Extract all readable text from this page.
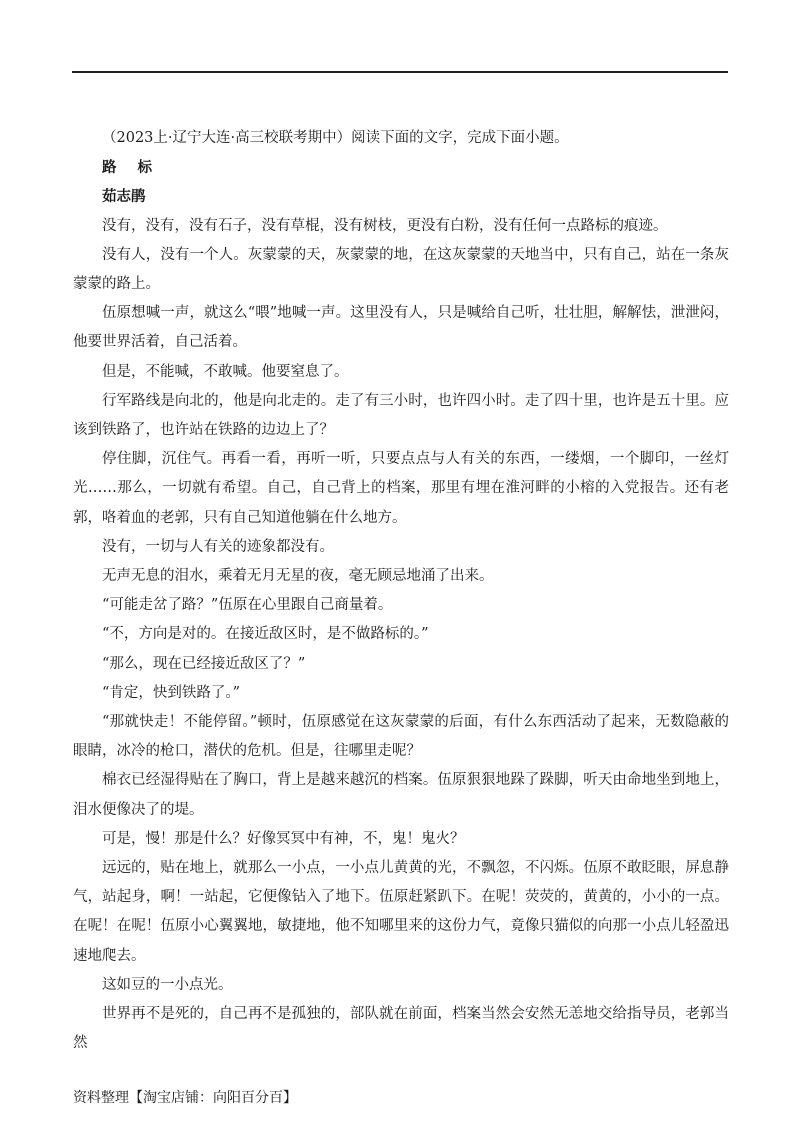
（2023上·辽宁大连·高三校联考期中）阅读下面的文字，完成下面小题。

路 标

茹志鹃

没有，没有，没有石子，没有草棍，没有树枝，更没有白粉，没有任何一点路标的痕迹。

没有人，没有一个人。灰蒙蒙的天，灰蒙蒙的地，在这灰蒙蒙的天地当中，只有自己，站在一条灰蒙蒙的路上。

伍原想喊一声，就这么“喂”地喊一声。这里没有人，只是喊给自己听，壮壮胆，解解怯，泄泄闷，他要世界活着，自己活着。

但是，不能喊，不敢喊。他要窒息了。

行军路线是向北的，他是向北走的。走了有三小时，也许四小时。走了四十里，也许是五十里。应该到铁路了，也许站在铁路的边边上了？

停住脚，沉住气。再看一看，再听一听，只要点点与人有关的东西，一缕烟，一个脚印，一丝灯光……那么，一切就有希望。自己，自己背上的档案，那里有埋在淮河畔的小榕的入党报告。还有老郭，咯着血的老郭，只有自己知道他躺在什么地方。

没有，一切与人有关的迹象都没有。

无声无息的泪水，乘着无月无星的夜，毫无顾忌地涌了出来。

“可能走岔了路？”伍原在心里跟自己商量着。

“不，方向是对的。在接近敌区时，是不做路标的。”

“那么，现在已经接近敌区了？”

“肯定，快到铁路了。”

“那就快走！不能停留。”顿时，伍原感觉在这灰蒙蒙的后面，有什么东西活动了起来，无数隐蔽的眼睛，冰冷的枪口，潜伏的危机。但是，往哪里走呢？

棉衣已经湿得贴在了胸口，背上是越来越沉的档案。伍原狠狠地跺了跺脚，听天由命地坐到地上，泪水便像决了的堤。

可是，慢！那是什么？好像冥冥中有神，不，鬼！鬼火？

远远的，贴在地上，就那么一小点，一小点儿黄黄的光，不飘忽，不闪烁。伍原不敢眨眼，屏息静气，站起身，啊！一站起，它便像钻入了地下。伍原赶紧趴下。在呢！荧荧的，黄黄的，小小的一点。在呢！在呢！伍原小心翼翼地，敏捷地，他不知哪里来的这份力气，竟像只猫似的向那一小点儿轻盈迅速地爬去。

这如豆的一小点光。

世界再不是死的，自己再不是孤独的，部队就在前面，档案当然会安然无恙地交给指导员，老郭当然

资料整理【淘宝店铺：向阳百分百】
